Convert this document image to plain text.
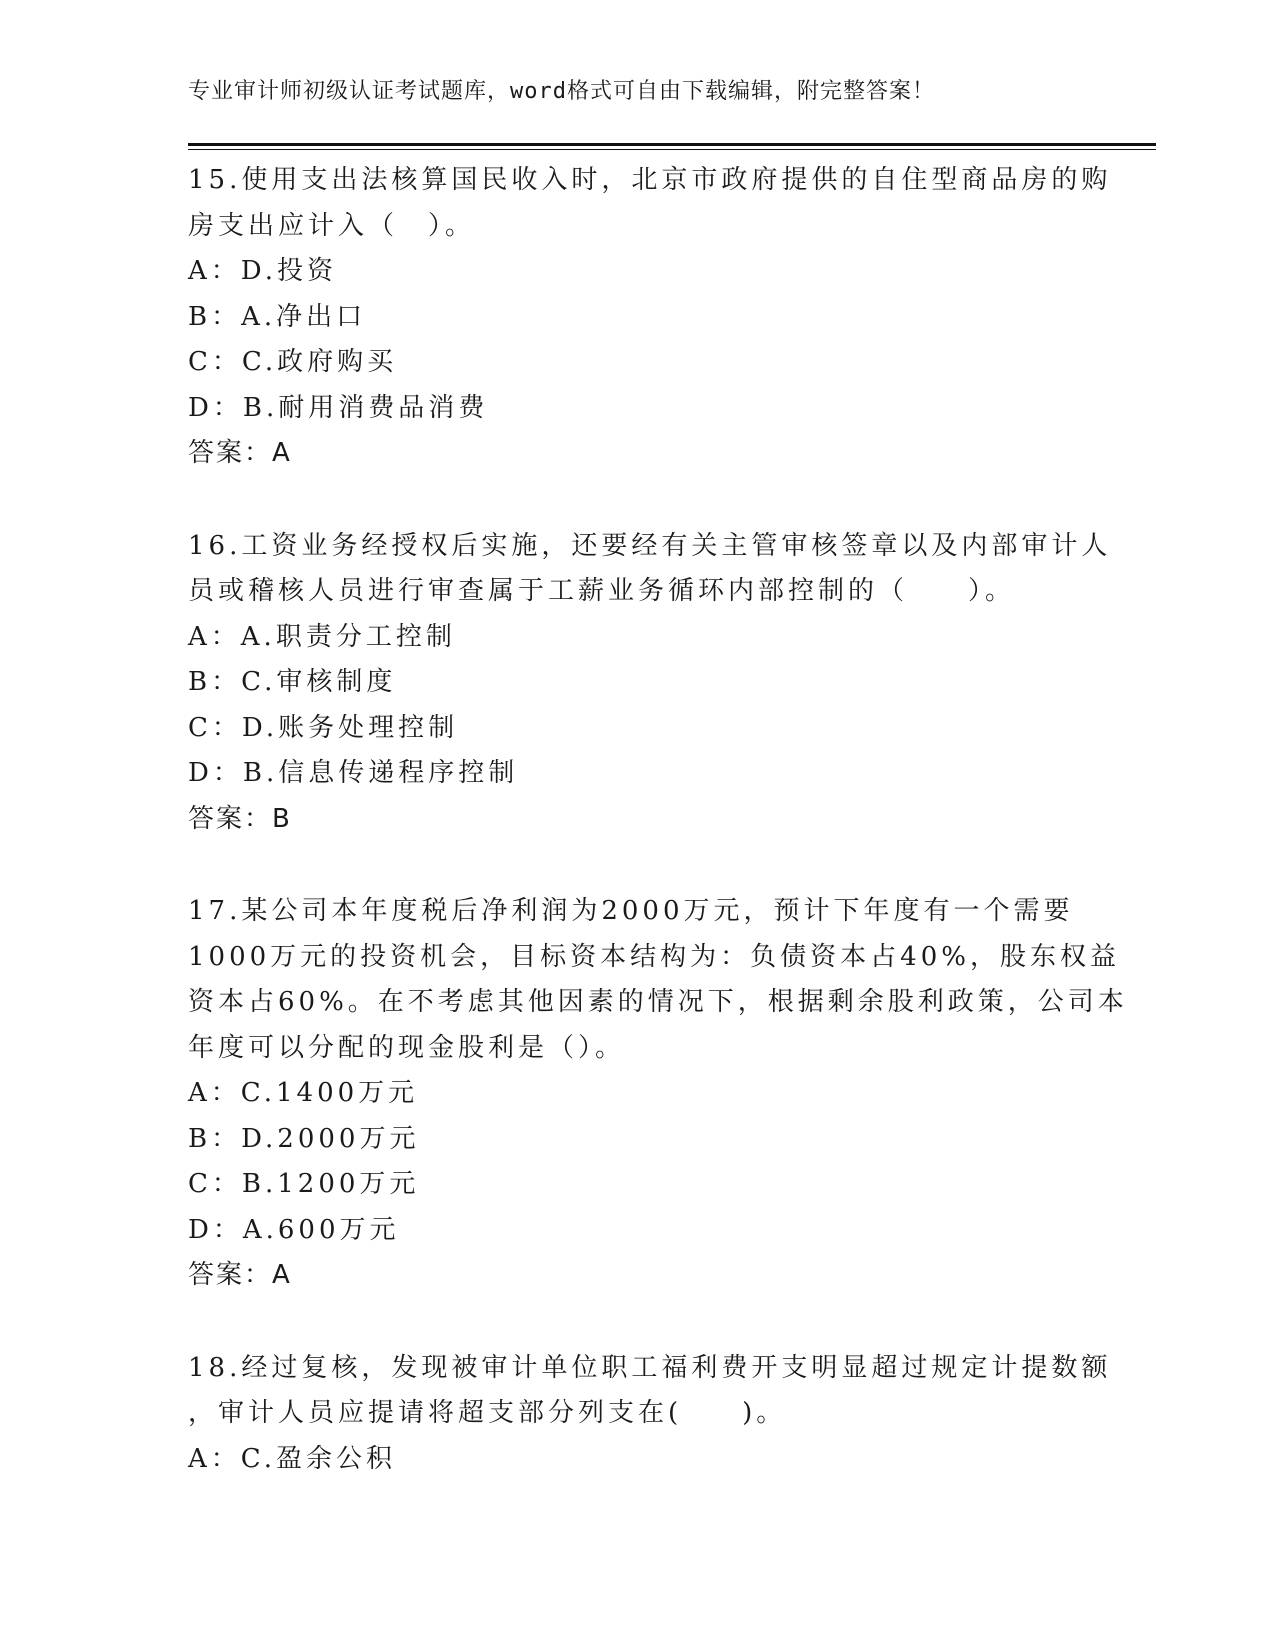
专业审计师初级认证考试题库，word格式可自由下载编辑，附完整答案！
15.使用支出法核算国民收入时，北京市政府提供的自住型商品房的购
房支出应计入（　）。
A：D.投资
B：A.净出口
C：C.政府购买
D：B.耐用消费品消费
答案：A
16.工资业务经授权后实施，还要经有关主管审核签章以及内部审计人
员或稽核人员进行审查属于工薪业务循环内部控制的（　　）。
A：A.职责分工控制
B：C.审核制度
C：D.账务处理控制
D：B.信息传递程序控制
答案：B
17.某公司本年度税后净利润为2000万元，预计下年度有一个需要
1000万元的投资机会，目标资本结构为：负债资本占40%，股东权益
资本占60%。在不考虑其他因素的情况下，根据剩余股利政策，公司本
年度可以分配的现金股利是（）。
A：C.1400万元
B：D.2000万元
C：B.1200万元
D：A.600万元
答案：A
18.经过复核，发现被审计单位职工福利费开支明显超过规定计提数额
，审计人员应提请将超支部分列支在(　　)。
A：C.盈余公积
